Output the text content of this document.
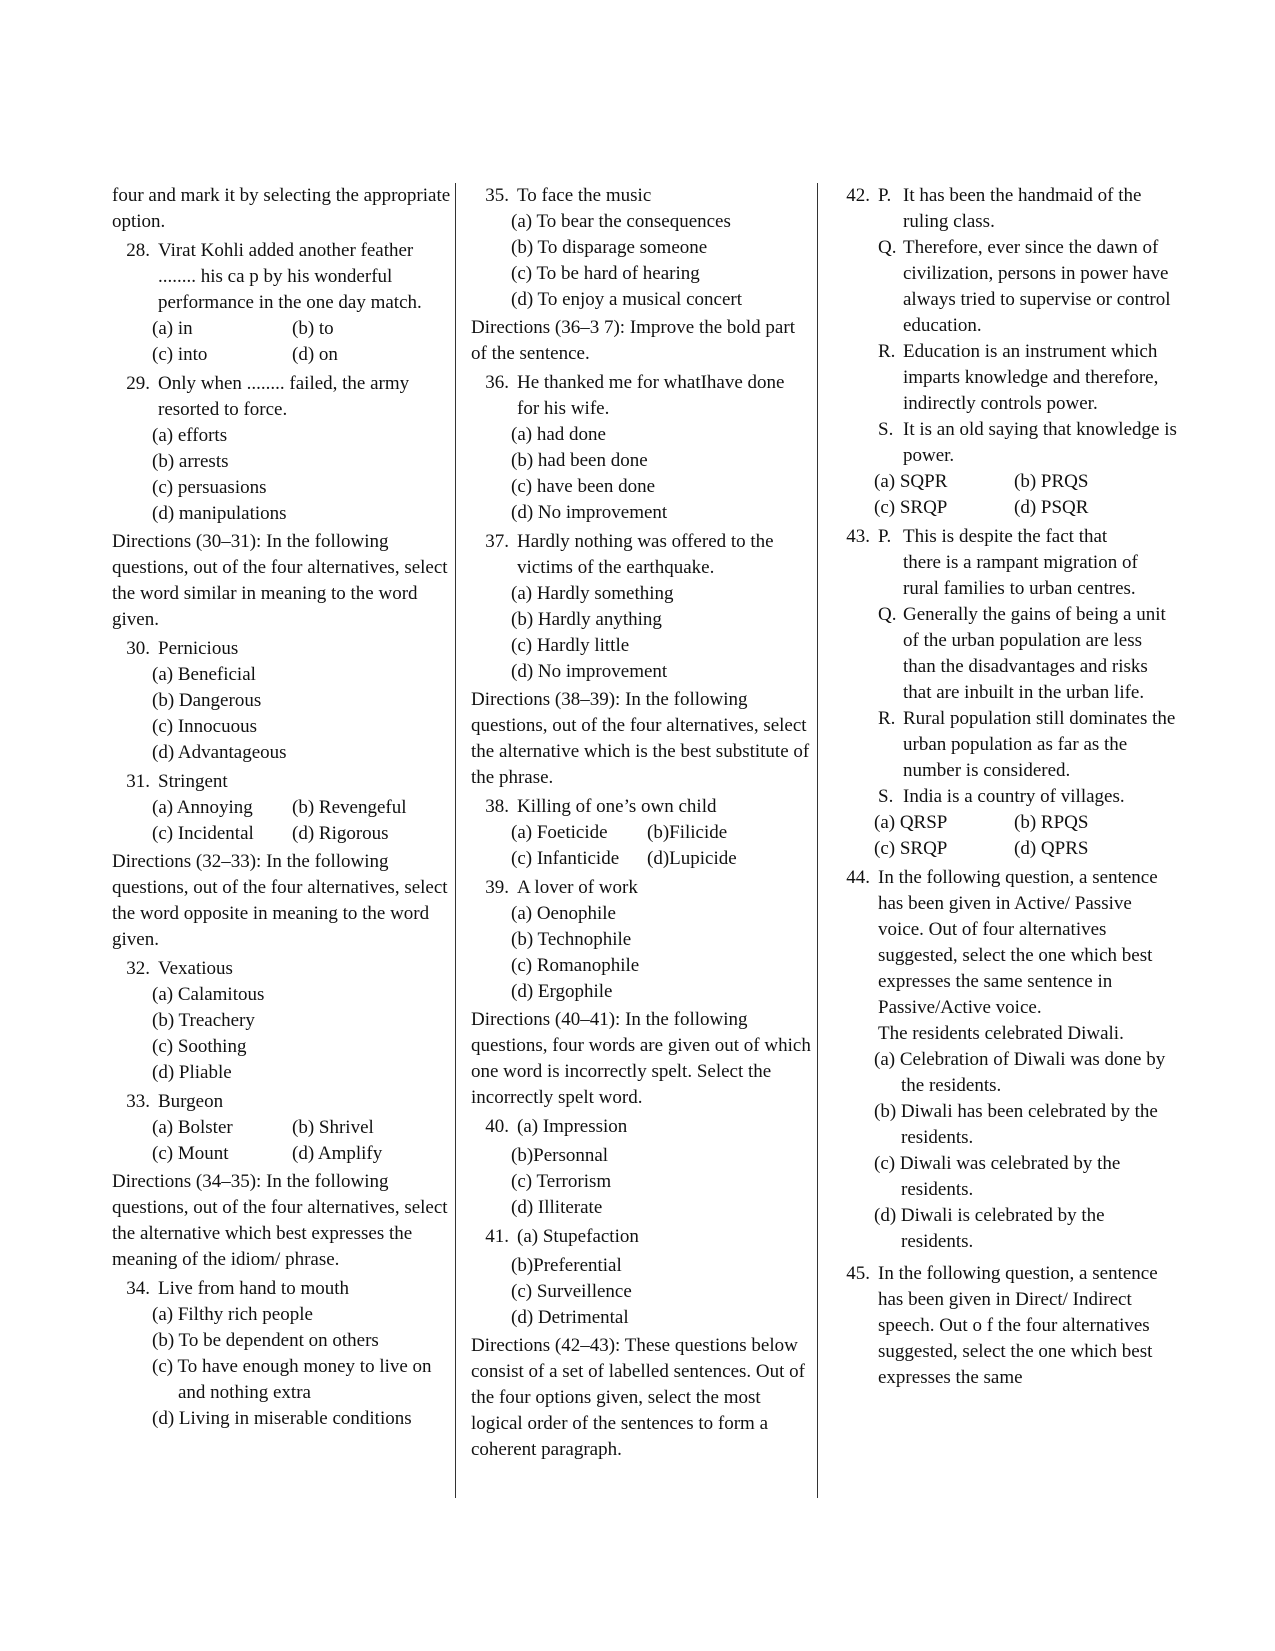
four and mark it by selecting the appropriate option.

28. Virat Kohli added another feather ........ his ca p by his wonderful performance in the one day match.
(a) in	(b) to
(c) into	(d) on
29. Only when ........ failed, the army resorted to force.
(a) efforts
(b) arrests
(c) persuasions
(d) manipulations

Directions (30–31): In the following questions, out of the four alternatives, select the word similar in meaning to the word given.

30. Pernicious
(a) Beneficial
(b) Dangerous
(c) Innocuous
(d) Advantageous
31. Stringent
(a) Annoying	(b) Revengeful
(c) Incidental	(d) Rigorous

Directions (32–33): In the following questions, out of the four alternatives, select the word opposite in meaning to the word given.

32. Vexatious
(a) Calamitous
(b) Treachery
(c) Soothing
(d) Pliable
33. Burgeon
(a) Bolster	(b) Shrivel
(c) Mount	(d) Amplify

Directions (34–35): In the following questions, out of the four alternatives, select the alternative which best expresses the meaning of the idiom/ phrase.

34. Live from hand to mouth
(a) Filthy rich people
(b) To be dependent on others
(c) To have enough money to live on and nothing extra
(d) Living in miserable conditions
35. To face the music
(a) To bear the consequences
(b) To disparage someone
(c) To be hard of hearing
(d) To enjoy a musical concert

Directions (36–3 7): Improve the bold part of the sentence.

36. He thanked me for whatIhave done for his wife.
(a) had done
(b) had been done
(c) have been done
(d) No improvement
37. Hardly nothing was offered to the victims of the earthquake.
(a) Hardly something
(b) Hardly anything
(c) Hardly little
(d) No improvement

Directions (38–39): In the following questions, out of the four alternatives, select the alternative which is the best substitute of the phrase.

38. Killing of one’s own child
(a) Foeticide	(b)Filicide
(c) Infanticide	(d)Lupicide
39. A lover of work
(a) Oenophile
(b) Technophile
(c) Romanophile
(d) Ergophile

Directions (40–41): In the following questions, four words are given out of which one word is incorrectly spelt. Select the incorrectly spelt word.

40. (a) Impression
(b)Personnal
(c) Terrorism
(d) Illiterate
41. (a) Stupefaction
(b)Preferential
(c) Surveillence
(d) Detrimental

Directions (42–43): These questions below consist of a set of labelled sentences. Out of the four options given, select the most logical order of the sentences to form a coherent paragraph.

42. P. It has been the handmaid of the ruling class.
Q. Therefore, ever since the dawn of civilization, persons in power have always tried to supervise or control education.
R. Education is an instrument which imparts knowledge and therefore, indirectly controls power.
S. It is an old saying that knowledge is power.
(a) SQPR	(b) PRQS
(c) SRQP	(d) PSQR
43. P. This is despite the fact that there is a rampant migration of rural families to urban centres.
Q. Generally the gains of being a unit of the urban population are less than the disadvantages and risks that are inbuilt in the urban life.
R. Rural population still dominates the urban population as far as the number is considered.
S. India is a country of villages.
(a) QRSP	(b) RPQS
(c) SRQP	(d) QPRS
44. In the following question, a sentence has been given in Active/ Passive voice. Out of four alternatives suggested, select the one which best expresses the same sentence in Passive/Active voice.
The residents celebrated Diwali.
(a) Celebration of Diwali was done by the residents.
(b) Diwali has been celebrated by the residents.
(c) Diwali was celebrated by the residents.
(d) Diwali is celebrated by the residents.
45. In the following question, a sentence has been given in Direct/ Indirect speech. Out o f the four alternatives suggested, select the one which best expresses the same
